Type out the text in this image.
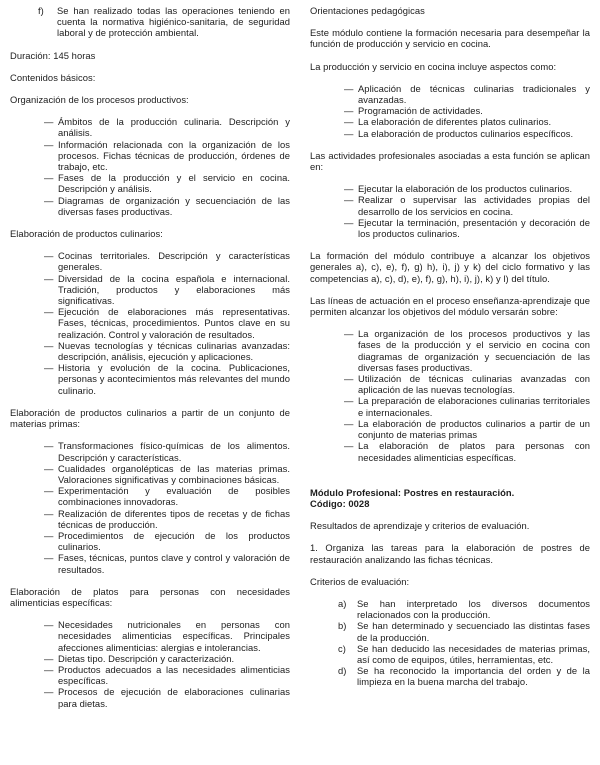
f) Se han realizado todas las operaciones teniendo en cuenta la normativa higiénico-sanitaria, de seguridad laboral y de protección ambiental.
Duración: 145 horas
Contenidos básicos:
Organización de los procesos productivos:
— Ámbitos de la producción culinaria. Descripción y análisis.
— Información relacionada con la organización de los procesos. Fichas técnicas de producción, órdenes de trabajo, etc.
— Fases de la producción y el servicio en cocina. Descripción y análisis.
— Diagramas de organización y secuenciación de las diversas fases productivas.
Elaboración de productos culinarios:
— Cocinas territoriales. Descripción y características generales.
— Diversidad de la cocina española e internacional. Tradición, productos y elaboraciones más significativas.
— Ejecución de elaboraciones más representativas. Fases, técnicas, procedimientos. Puntos clave en su realización. Control y valoración de resultados.
— Nuevas tecnologías y técnicas culinarias avanzadas: descripción, análisis, ejecución y aplicaciones.
— Historia y evolución de la cocina. Publicaciones, personas y acontecimientos más relevantes del mundo culinario.
Elaboración de productos culinarios a partir de un conjunto de materias primas:
— Transformaciones físico-químicas de los alimentos. Descripción y características.
— Cualidades organolépticas de las materias primas. Valoraciones significativas y combinaciones básicas.
— Experimentación y evaluación de posibles combinaciones innovadoras.
— Realización de diferentes tipos de recetas y de fichas técnicas de producción.
— Procedimientos de ejecución de los productos culinarios.
— Fases, técnicas, puntos clave y control y valoración de resultados.
Elaboración de platos para personas con necesidades alimenticias específicas:
— Necesidades nutricionales en personas con necesidades alimenticias específicas. Principales afecciones alimenticias: alergias e intolerancias.
— Dietas tipo. Descripción y caracterización.
— Productos adecuados a las necesidades alimenticias específicas.
— Procesos de ejecución de elaboraciones culinarias para dietas.
Orientaciones pedagógicas
Este módulo contiene la formación necesaria para desempeñar la función de producción y servicio en cocina.
La producción y servicio en cocina incluye aspectos como:
— Aplicación de técnicas culinarias tradicionales y avanzadas.
— Programación de actividades.
— La elaboración de diferentes platos culinarios.
— La elaboración de productos culinarios específicos.
Las actividades profesionales asociadas a esta función se aplican en:
— Ejecutar la elaboración de los productos culinarios.
— Realizar o supervisar las actividades propias del desarrollo de los servicios en cocina.
— Ejecutar la terminación, presentación y decoración de los productos culinarios.
La formación del módulo contribuye a alcanzar los objetivos generales a), c), e), f), g) h), i), j) y k) del ciclo formativo y las competencias a), c), d), e), f), g), h), i), j), k) y l) del título.
Las líneas de actuación en el proceso enseñanza-aprendizaje que permiten alcanzar los objetivos del módulo versarán sobre:
— La organización de los procesos productivos y las fases de la producción y el servicio en cocina con diagramas de organización y secuenciación de las diversas fases productivas.
— Utilización de técnicas culinarias avanzadas con aplicación de las nuevas tecnologías.
— La preparación de elaboraciones culinarias territoriales e internacionales.
— La elaboración de productos culinarios a partir de un conjunto de materias primas
— La elaboración de platos para personas con necesidades alimenticias específicas.
Módulo Profesional: Postres en restauración.
Código: 0028
Resultados de aprendizaje y criterios de evaluación.
1. Organiza las tareas para la elaboración de postres de restauración analizando las fichas técnicas.
Criterios de evaluación:
a) Se han interpretado los diversos documentos relacionados con la producción.
b) Se han determinado y secuenciado las distintas fases de la producción.
c) Se han deducido las necesidades de materias primas, así como de equipos, útiles, herramientas, etc.
d) Se ha reconocido la importancia del orden y de la limpieza en la buena marcha del trabajo.
